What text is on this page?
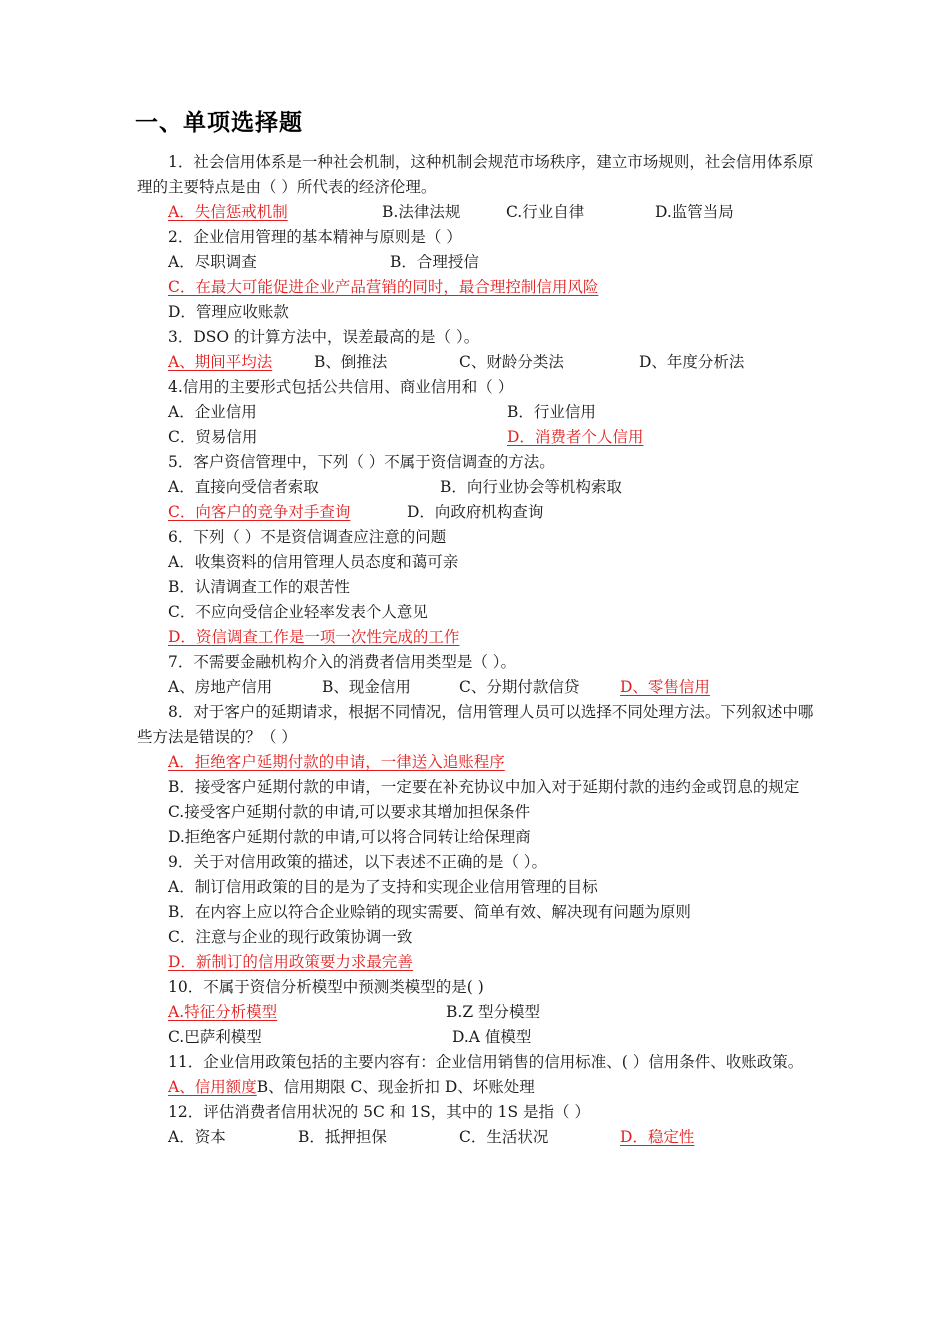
一、单项选择题
1．社会信用体系是一种社会机制，这种机制会规范市场秩序，建立市场规则，社会信用体系原
理的主要特点是由（ ）所代表的经济伦理。
A．失信惩戒机制	B.法律法规	C.行业自律	D.监管当局
2．企业信用管理的基本精神与原则是（ ）
A．尽职调查	B．合理授信
C．在最大可能促进企业产品营销的同时，最合理控制信用风险
D．管理应收账款
3．DSO 的计算方法中，误差最高的是（ ）。
A、期间平均法	B、倒推法	C、财龄分类法	D、年度分析法
4.信用的主要形式包括公共信用、商业信用和（ ）
A．企业信用	B．行业信用
C．贸易信用	D．消费者个人信用
5．客户资信管理中，下列（ ）不属于资信调查的方法。
A．直接向受信者索取	B．向行业协会等机构索取
C．向客户的竞争对手查询	D．向政府机构查询
6．下列（ ）不是资信调查应注意的问题
A．收集资料的信用管理人员态度和蔼可亲
B．认清调查工作的艰苦性
C．不应向受信企业轻率发表个人意见
D．资信调查工作是一项一次性完成的工作
7．不需要金融机构介入的消费者信用类型是（ ）。
A、房地产信用	B、现金信用	C、分期付款信贷	D、零售信用
8．对于客户的延期请求，根据不同情况，信用管理人员可以选择不同处理方法。下列叙述中哪
些方法是错误的？（ ）
A．拒绝客户延期付款的申请，一律送入追账程序
B．接受客户延期付款的申请，一定要在补充协议中加入对于延期付款的违约金或罚息的规定
C.接受客户延期付款的申请,可以要求其增加担保条件
D.拒绝客户延期付款的申请,可以将合同转让给保理商
9．关于对信用政策的描述，以下表述不正确的是（ ）。
A．制订信用政策的目的是为了支持和实现企业信用管理的目标
B．在内容上应以符合企业赊销的现实需要、简单有效、解决现有问题为原则
C．注意与企业的现行政策协调一致
D．新制订的信用政策要力求最完善
10．不属于资信分析模型中预测类模型的是( )
A.特征分析模型	B.Z 型分模型
C.巴萨利模型	D.A 值模型
11．企业信用政策包括的主要内容有：企业信用销售的信用标准、( ）信用条件、收账政策。
A、信用额度B、信用期限 C、现金折扣 D、坏账处理
12．评估消费者信用状况的 5C 和 1S，其中的 1S 是指（ ）
A．资本	B．抵押担保	C．生活状况	D．稳定性
